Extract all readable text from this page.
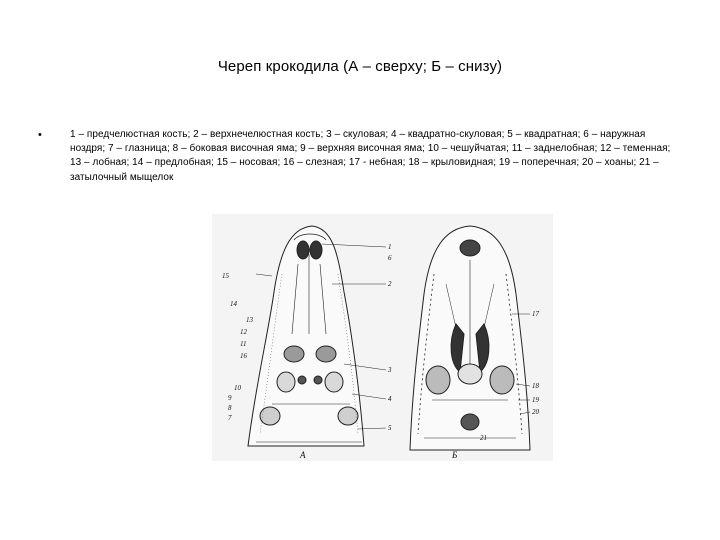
Череп крокодила (А – сверху; Б – снизу)
•	1 – предчелюстная кость; 2 – верхнечелюстная кость; 3 – скуловая; 4 – квадратно-скуловая; 5 – квадратная; 6 – наружная ноздря; 7 – глазница; 8 – боковая височная яма; 9 – верхняя височная яма; 10 – чешуйчатая; 11 – заднелобная; 12 – теменная; 13 – лобная; 14 – предлобная; 15 – носовая; 16 – слезная; 17 - небная; 18 – крыловидная; 19 – поперечная; 20 – хоаны; 21 – затылочный мыщелок
15
14
13
12
11
16
10
9
8
7
1
2
3
4
5
6
17
18
19
20
21
А	Б
